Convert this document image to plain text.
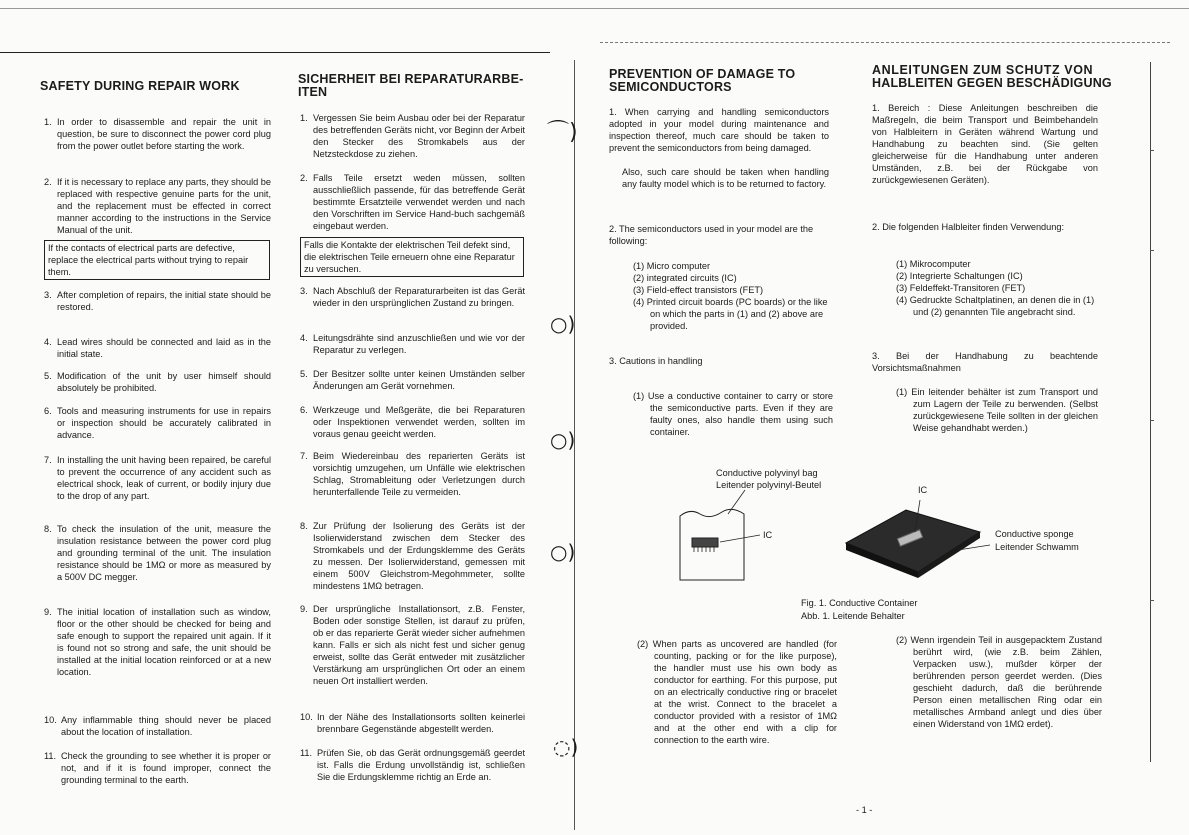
⌒)
○)
○)
○)
◌)
SAFETY DURING REPAIR WORK	SICHERHEIT BEI REPARATURARBE-ITEN
1. In order to disassemble and repair the unit in question, be sure to disconnect the power cord plug from the power outlet before starting the work.
2. If it is necessary to replace any parts, they should be replaced with respective genuine parts for the unit, and the replacement must be effected in correct manner according to the instructions in the Service Manual of the unit.
3. After completion of repairs, the initial state should be restored.
4. Lead wires should be connected and laid as in the initial state.
5. Modification of the unit by user himself should absolutely be prohibited.
6. Tools and measuring instruments for use in repairs or inspection should be accurately calibrated in advance.
7. In installing the unit having been repaired, be careful to prevent the occurrence of any accident such as electrical shock, leak of current, or bodily injury due to the drop of any part.
8. To check the insulation of the unit, measure the insulation resistance between the power cord plug and grounding terminal of the unit. The insulation resistance should be 1MΩ or more as measured by a 500V DC megger.
9. The initial location of installation such as window, floor or the other should be checked for being and safe enough to support the repaired unit again. If it is found not so strong and safe, the unit should be installed at the initial location reinforced or at a new location.
10. Any inflammable thing should never be placed about the location of installation.
11. Check the grounding to see whether it is proper or not, and if it is found improper, connect the grounding terminal to the earth.
1. Vergessen Sie beim Ausbau oder bei der Reparatur des betreffenden Geräts nicht, vor Beginn der Arbeit den Stecker des Stromkabels aus der Netzsteckdose zu ziehen.
2. Falls Teile ersetzt weden müssen, sollten ausschließlich passende, für das betreffende Gerät bestimmte Ersatzteile verwendet werden und nach den Vorschriften im Service Hand-buch sachgemäß eingebaut werden.
3. Nach Abschluß der Reparaturarbeiten ist das Gerät wieder in den ursprünglichen Zustand zu bringen.
4. Leitungsdrähte sind anzuschließen und wie vor der Reparatur zu verlegen.
5. Der Besitzer sollte unter keinen Umständen selber Änderungen am Gerät vornehmen.
6. Werkzeuge und Meßgeräte, die bei Reparaturen oder Inspektionen verwendet werden, sollten im voraus genau geeicht werden.
7. Beim Wiedereinbau des reparierten Geräts ist vorsichtig umzugehen, um Unfälle wie elektrischen Schlag, Stromableitung oder Verletzungen durch herunterfallende Teile zu vermeiden.
8. Zur Prüfung der Isolierung des Geräts ist der Isolierwiderstand zwischen dem Stecker des Stromkabels und der Erdungsklemme des Geräts zu messen. Der Isolierwiderstand, gemessen mit einem 500V Gleichstrom-Megohmmeter, sollte mindestens 1MΩ betragen.
9. Der ursprüngliche Installationsort, z.B. Fenster, Boden oder sonstige Stellen, ist darauf zu prüfen, ob er das reparierte Gerät wieder sicher aufnehmen kann. Falls er sich als nicht fest und sicher genug erweist, sollte das Gerät entweder mit zusätzlicher Verstärkung am ursprünglichen Ort oder an einem neuen Ort installiert werden.
10. In der Nähe des Installationsorts sollten keinerlei brennbare Gegenstände abgestellt werden.
11. Prüfen Sie, ob das Gerät ordnungsgemäß geerdet ist. Falls die Erdung unvollständig ist, schließen Sie die Erdungsklemme richtig an Erde an.
If the contacts of electrical parts are defective, replace the electrical parts without trying to repair them.
Falls die Kontakte der elektrischen Teil defekt sind, die elektrischen Teile erneuern ohne eine Reparatur zu versuchen.
PREVENTION OF DAMAGE TO
SEMICONDUCTORS
ANLEITUNGEN ZUM SCHUTZ VON
HALBLEITEN GEGEN BESCHÄDIGUNG
1. When carrying and handling semiconductors adopted in your model during maintenance and inspection thereof, much care should be taken to prevent the semiconductors from being damaged.
Also, such care should be taken when handling any faulty model which is to be returned to factory.
2. The semiconductors used in your model are the following:
(1) Micro computer
(2) integrated circuits (IC)
(3) Field-effect transistors (FET)
(4) Printed circuit boards (PC boards) or the like on which the parts in (1) and (2) above are provided.
3. Cautions in handling
(1) Use a conductive container to carry or store the semiconductive parts. Even if they are faulty ones, also handle them using such container.
(2) When parts as uncovered are handled (for counting, packing or for the like purpose), the handler must use his own body as conductor for earthing. For this purpose, put on an electrically conductive ring or bracelet at the wrist. Connect to the bracelet a conductor provided with a resistor of 1MΩ and at the other end with a clip for connection to the earth wire.
1. Bereich : Diese Anleitungen beschreiben die Maßregeln, die beim Transport und Beimbehandeln von Halbleitern in Geräten während Wartung und Handhabung zu beachten sind. (Sie gelten gleicherweise für die Handhabung unter anderen Umständen, z.B. bei der Rückgabe von zurückgewiesenen Geräten).
2. Die folgenden Halbleiter finden Verwendung:
(1) Mikrocomputer
(2) Integrierte Schaltungen (IC)
(3) Feldeffekt-Transitoren (FET)
(4) Gedruckte Schaltplatinen, an denen die in (1) und (2) genannten Tile angebracht sind.
3. Bei der Handhabung zu beachtende Vorsichtsmaßnahmen
(1) Ein leitender behälter ist zum Transport und zum Lagern der Teile zu berwenden. (Selbst zurückgewiesene Teile sollten in der gleichen Weise gehandhabt werden.)
(2) Wenn irgendein Teil in ausgepacktem Zustand berührt wird, (wie z.B. beim Zählen, Verpacken usw.), mußder körper der berührenden person geerdet werden. (Dies geschieht dadurch, daß die berührende Person einen metallischen Ring odar ein metallisches Armband anlegt und dies über einen Widerstand von 1MΩ erdet).
Conductive polyvinyl bag
Leitender polyvinyl-Beutel
IC
IC
Conductive sponge
Leitender Schwamm
Fig. 1. Conductive Container
Abb. 1. Leitende Behalter
- 1 -
